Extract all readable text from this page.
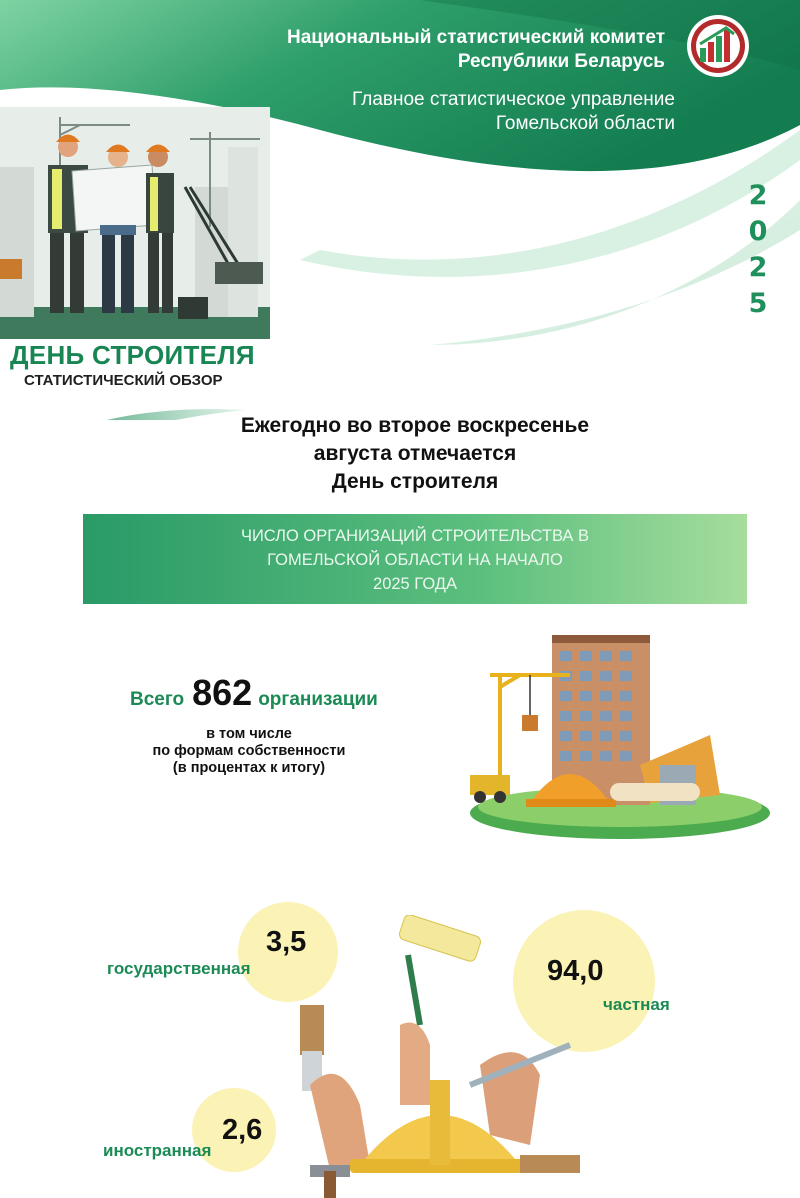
Национальный статистический комитет
Республики Беларусь
Главное статистическое управление
Гомельской области
2
0
2
5
ДЕНЬ СТРОИТЕЛЯ
СТАТИСТИЧЕСКИЙ ОБЗОР
Ежегодно во второе воскресенье
августа отмечается
День строителя
ЧИСЛО ОРГАНИЗАЦИЙ СТРОИТЕЛЬСТВА В
ГОМЕЛЬСКОЙ ОБЛАСТИ НА НАЧАЛО
2025 ГОДА
Всего 862 организации
в том числе
по формам собственности
(в процентах к итогу)
3,5
государственная	94,0
частная
2,6
иностранная
